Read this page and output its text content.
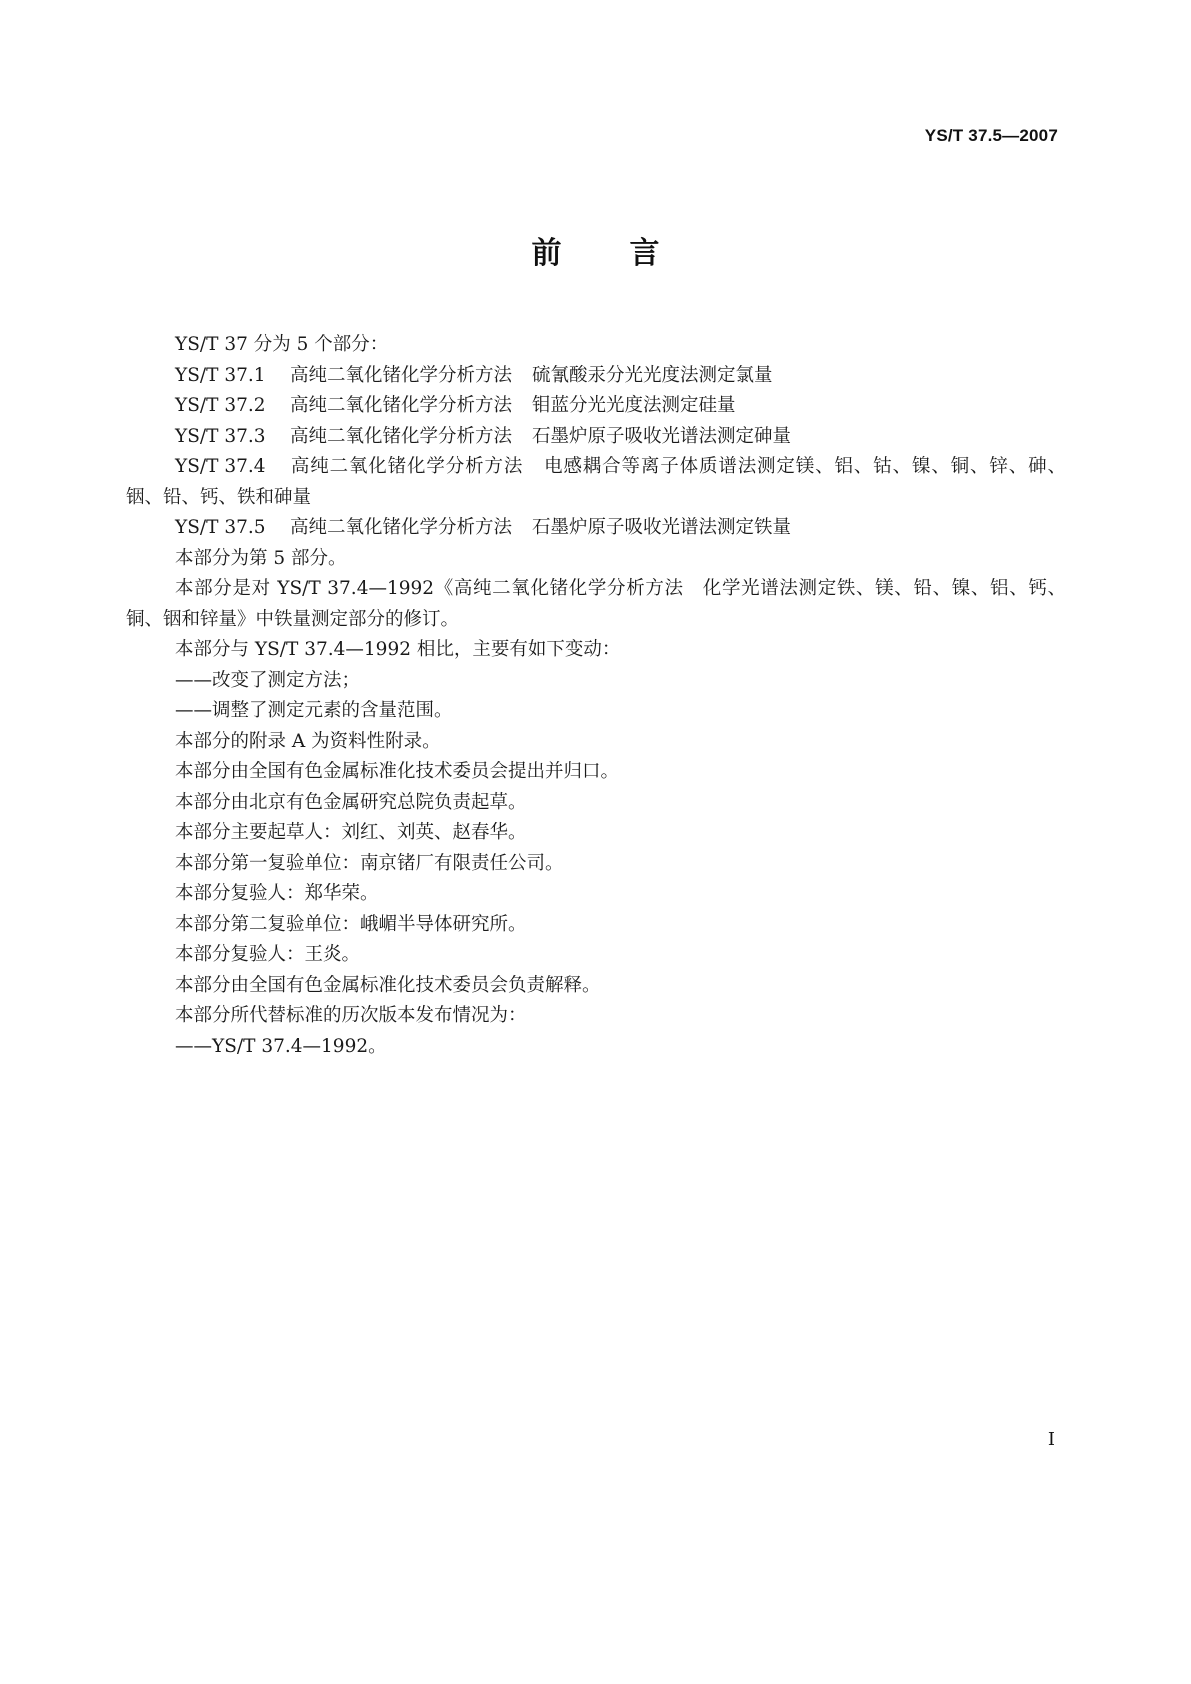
YS/T 37.5—2007
前 言

YS/T 37 分为 5 个部分：

YS/T 37.1 高纯二氧化锗化学分析方法 硫氰酸汞分光光度法测定氯量

YS/T 37.2 高纯二氧化锗化学分析方法 钼蓝分光光度法测定硅量

YS/T 37.3 高纯二氧化锗化学分析方法 石墨炉原子吸收光谱法测定砷量

YS/T 37.4 高纯二氧化锗化学分析方法 电感耦合等离子体质谱法测定镁、铝、钴、镍、铜、锌、砷、铟、铅、钙、铁和砷量

YS/T 37.5 高纯二氧化锗化学分析方法 石墨炉原子吸收光谱法测定铁量

本部分为第 5 部分。

本部分是对 YS/T 37.4—1992《高纯二氧化锗化学分析方法　化学光谱法测定铁、镁、铅、镍、铝、钙、铜、铟和锌量》中铁量测定部分的修订。

本部分与 YS/T 37.4—1992 相比，主要有如下变动：

——改变了测定方法；

——调整了测定元素的含量范围。

本部分的附录 A 为资料性附录。

本部分由全国有色金属标准化技术委员会提出并归口。

本部分由北京有色金属研究总院负责起草。

本部分主要起草人：刘红、刘英、赵春华。

本部分第一复验单位：南京锗厂有限责任公司。

本部分复验人：郑华荣。

本部分第二复验单位：峨嵋半导体研究所。

本部分复验人：王炎。

本部分由全国有色金属标准化技术委员会负责解释。

本部分所代替标准的历次版本发布情况为：

——YS/T 37.4—1992。

I
